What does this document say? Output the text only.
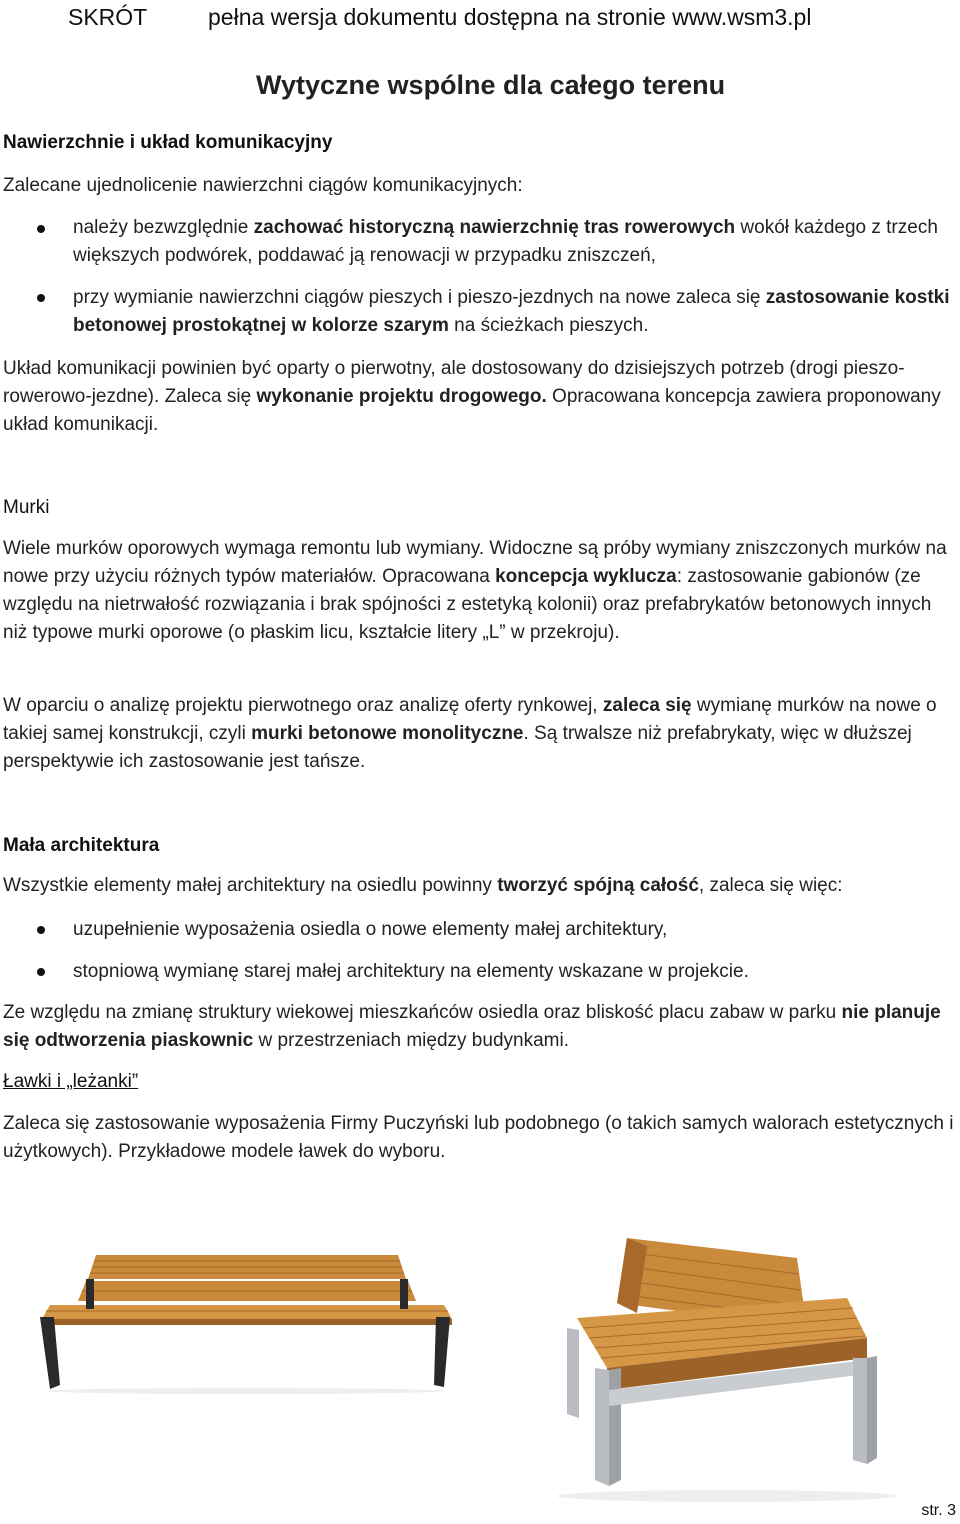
SKRÓT	pełna wersja dokumentu dostępna na stronie www.wsm3.pl
Wytyczne wspólne dla całego terenu
Nawierzchnie i układ komunikacyjny
Zalecane ujednolicenie nawierzchni ciągów komunikacyjnych:

należy bezwzględnie zachować historyczną nawierzchnię tras rowerowych wokół każdego z trzech większych podwórek, poddawać ją renowacji w przypadku zniszczeń,

przy wymianie nawierzchni ciągów pieszych i pieszo-jezdnych na nowe zaleca się zastosowanie kostki betonowej prostokątnej w kolorze szarym na ścieżkach pieszych.

Układ komunikacji powinien być oparty o pierwotny, ale dostosowany do dzisiejszych potrzeb (drogi pieszo-rowerowo-jezdne). Zaleca się wykonanie projektu drogowego. Opracowana koncepcja zawiera proponowany układ komunikacji.

Murki

Wiele murków oporowych wymaga remontu lub wymiany. Widoczne są próby wymiany zniszczonych murków na nowe przy użyciu różnych typów materiałów. Opracowana koncepcja wyklucza: zastosowanie gabionów (ze względu na nietrwałość rozwiązania i brak spójności z estetyką kolonii) oraz prefabrykatów betonowych innych niż typowe murki oporowe (o płaskim licu, kształcie litery „L” w przekroju).

W oparciu o analizę projektu pierwotnego oraz analizę oferty rynkowej, zaleca się wymianę murków na nowe o takiej samej konstrukcji, czyli murki betonowe monolityczne. Są trwalsze niż prefabrykaty, więc w dłuższej perspektywie ich zastosowanie jest tańsze.

Mała architektura

Wszystkie elementy małej architektury na osiedlu powinny tworzyć spójną całość, zaleca się więc:

uzupełnienie wyposażenia osiedla o nowe elementy małej architektury,

stopniową wymianę starej małej architektury na elementy wskazane w projekcie.

Ze względu na zmianę struktury wiekowej mieszkańców osiedla oraz bliskość placu zabaw w parku nie planuje się odtworzenia piaskownic w przestrzeniach między budynkami.

Ławki i „leżanki”

Zaleca się zastosowanie wyposażenia Firmy Puczyński lub podobnego (o takich samych walorach estetycznych i użytkowych). Przykładowe modele ławek do wyboru.

str. 3
